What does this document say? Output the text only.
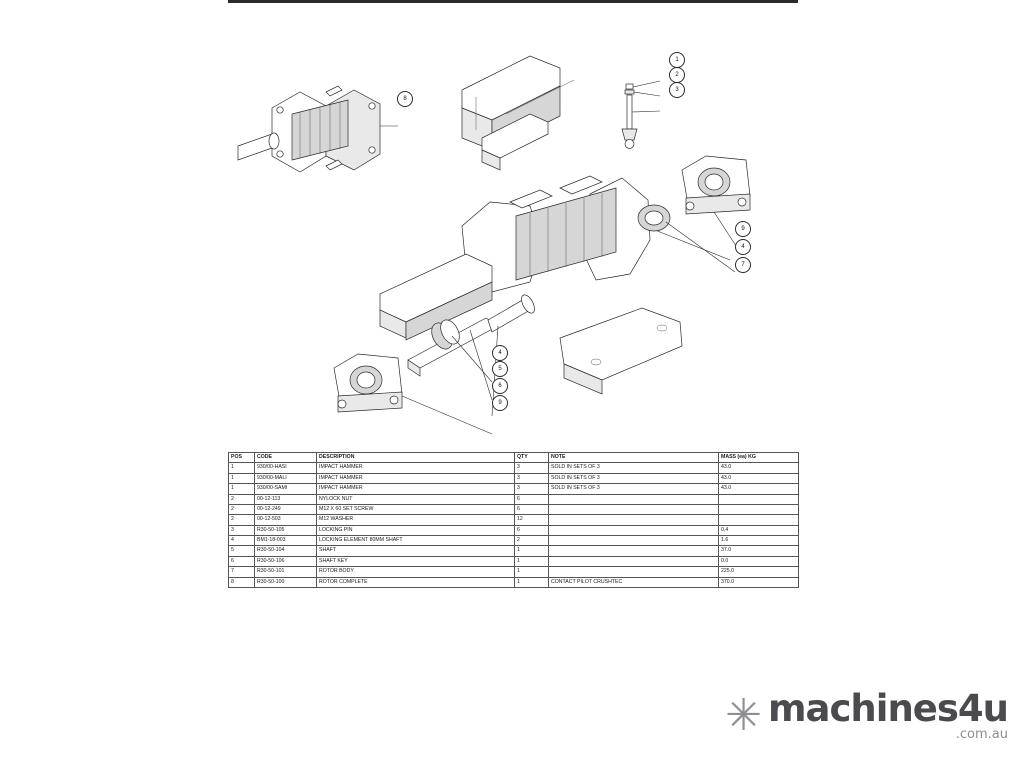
1
2
3
8
9
4
7
4
5
6
9
POS	CODE	DESCRIPTION	QTY	NOTE	MASS (ea) KG
1	930/00-HASI	IMPACT HAMMER	3	SOLD IN SETS OF 3	43.0
1	930/00-MALI	IMPACT HAMMER	3	SOLD IN SETS OF 3	43.0
1	930/00-SAMI	IMPACT HAMMER	3	SOLD IN SETS OF 3	43.0
2	00-12-113	NYLOCK NUT	6		
2	00-12-249	M12 X 60 SET SCREW	6		
2	00-12-503	M12 WASHER	12		
3	R30-50-105	LOCKING PIN	6		0.4
4	BM1-18-003	LOCKING ELEMENT 80MM SHAFT	2		1.6
5	R30-50-104	SHAFT	1		37.0
6	R30-50-106	SHAFT KEY	1		0.0
7	R30-50-101	ROTOR BODY	1		225.0
8	R30-50-100	ROTOR COMPLETE	1	CONTACT PILOT CRUSHTEC	370.0
✳ machines4u
.com.au
